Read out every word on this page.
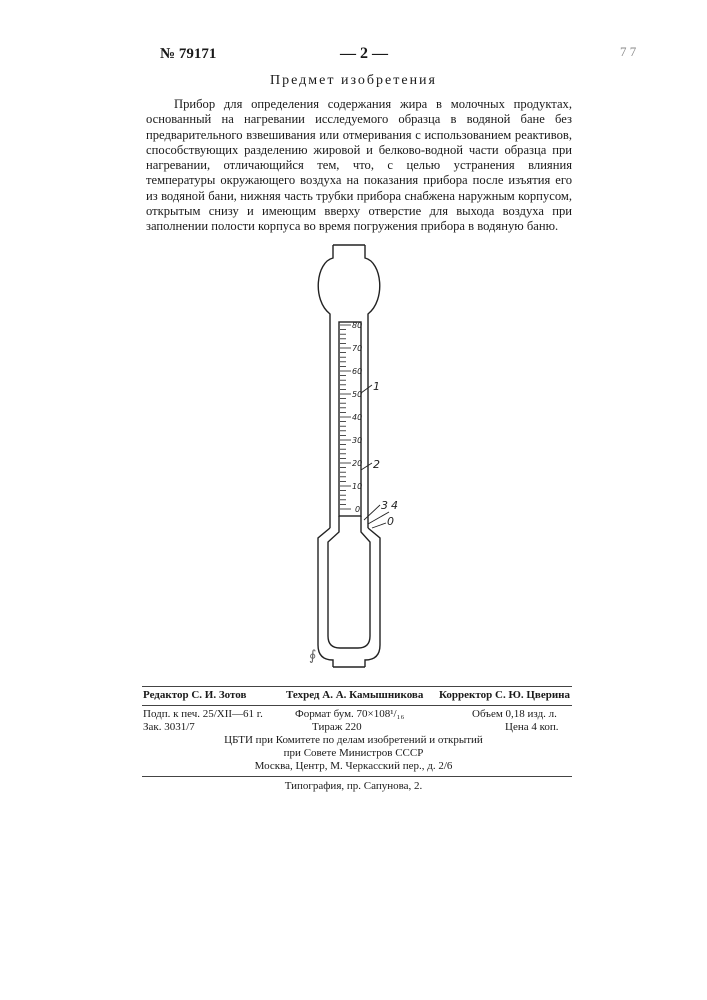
№ 79171	— 2 —	7 7
Предмет изобретения
Прибор для определения содержания жира в молочных продуктах, основанный на нагревании исследуемого образца в водяной бане без предварительного взвешивания или отмеривания с использованием реактивов, способствующих разделению жировой и белково-водной части образца при нагревании, отличающийся тем, что, с целью устранения влияния температуры окружающего воздуха на показания прибора после изъятия его из водяной бани, нижняя часть трубки прибора снабжена наружным корпусом, открытым снизу и имеющим вверху отверстие для выхода воздуха при заполнении полости корпуса во время погружения прибора в водяную баню.
80
70
60
50
40
30
20
10
0
1
2
3 4
0
∮
Редактор С. И. Зотов	Техред А. А. Камышникова Корректор С. Ю. Цверина
Подп. к печ. 25/XII—61 г.	Формат бум. 70×108¹/₁₆	Объем 0,18 изд. л.
Зак. 3031/7	Тираж 220	Цена 4 коп.
ЦБТИ при Комитете по делам изобретений и открытий
при Совете Министров СССР
Москва, Центр, М. Черкасский пер., д. 2/6
Типография, пр. Сапунова, 2.
